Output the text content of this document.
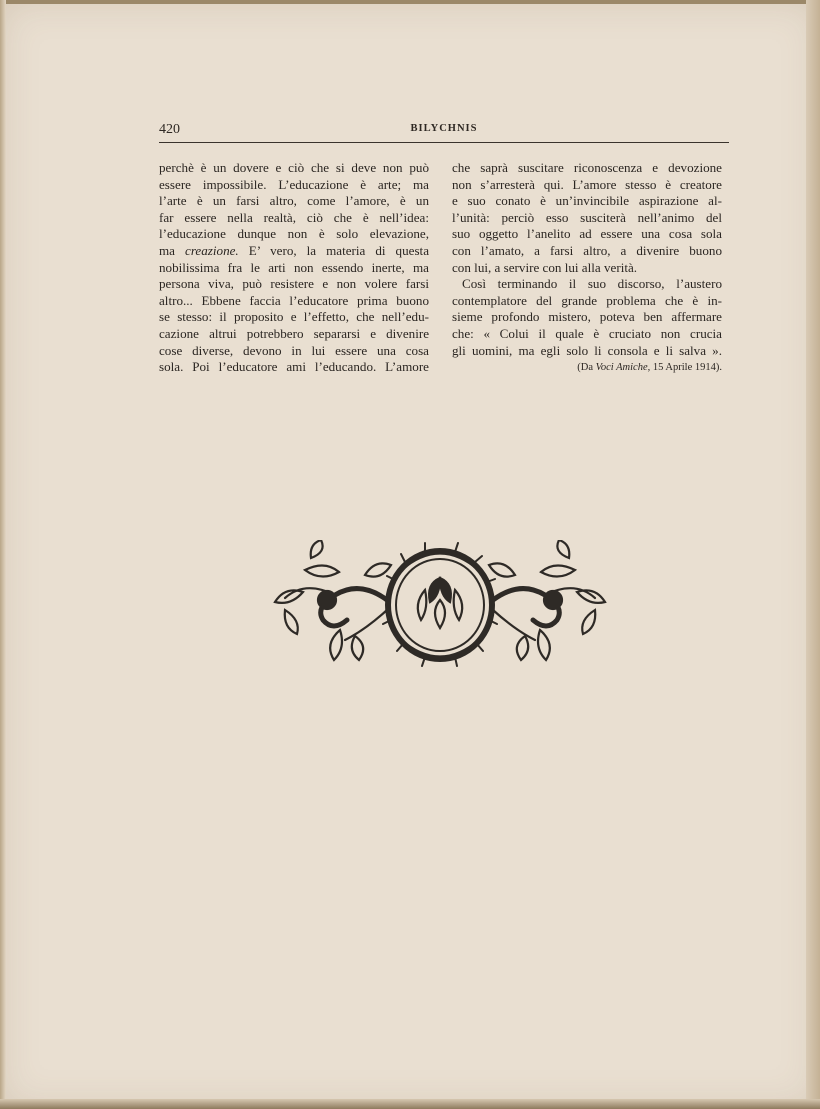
420	BILYCHNIS
perchè è un dovere e ciò che si deve non può
essere impossibile. L’educazione è arte; ma
l’arte è un farsi altro, come l’amore, è un
far essere nella realtà, ciò che è nell’idea:
l’educazione dunque non è solo elevazione,
ma creazione. E’ vero, la materia di questa
nobilissima fra le arti non essendo inerte, ma
persona viva, può resistere e non volere farsi
altro... Ebbene faccia l’educatore prima buono
se stesso: il proposito e l’effetto, che nell’edu-
cazione altrui potrebbero separarsi e divenire
cose diverse, devono in lui essere una cosa
sola. Poi l’educatore ami l’educando. L’amore
che saprà suscitare riconoscenza e devozione
non s’arresterà qui. L’amore stesso è creatore
e suo conato è un’invincibile aspirazione al-
l’unità: perciò esso susciterà nell’animo del
suo oggetto l’anelito ad essere una cosa sola
con l’amato, a farsi altro, a divenire buono
con lui, a servire con lui alla verità.
Così terminando il suo discorso, l’austero
contemplatore del grande problema che è in-
sieme profondo mistero, poteva ben affermare
che: « Colui il quale è cruciato non crucia
gli uomini, ma egli solo li consola e li salva ».
(Da Voci Amiche, 15 Aprile 1914).
